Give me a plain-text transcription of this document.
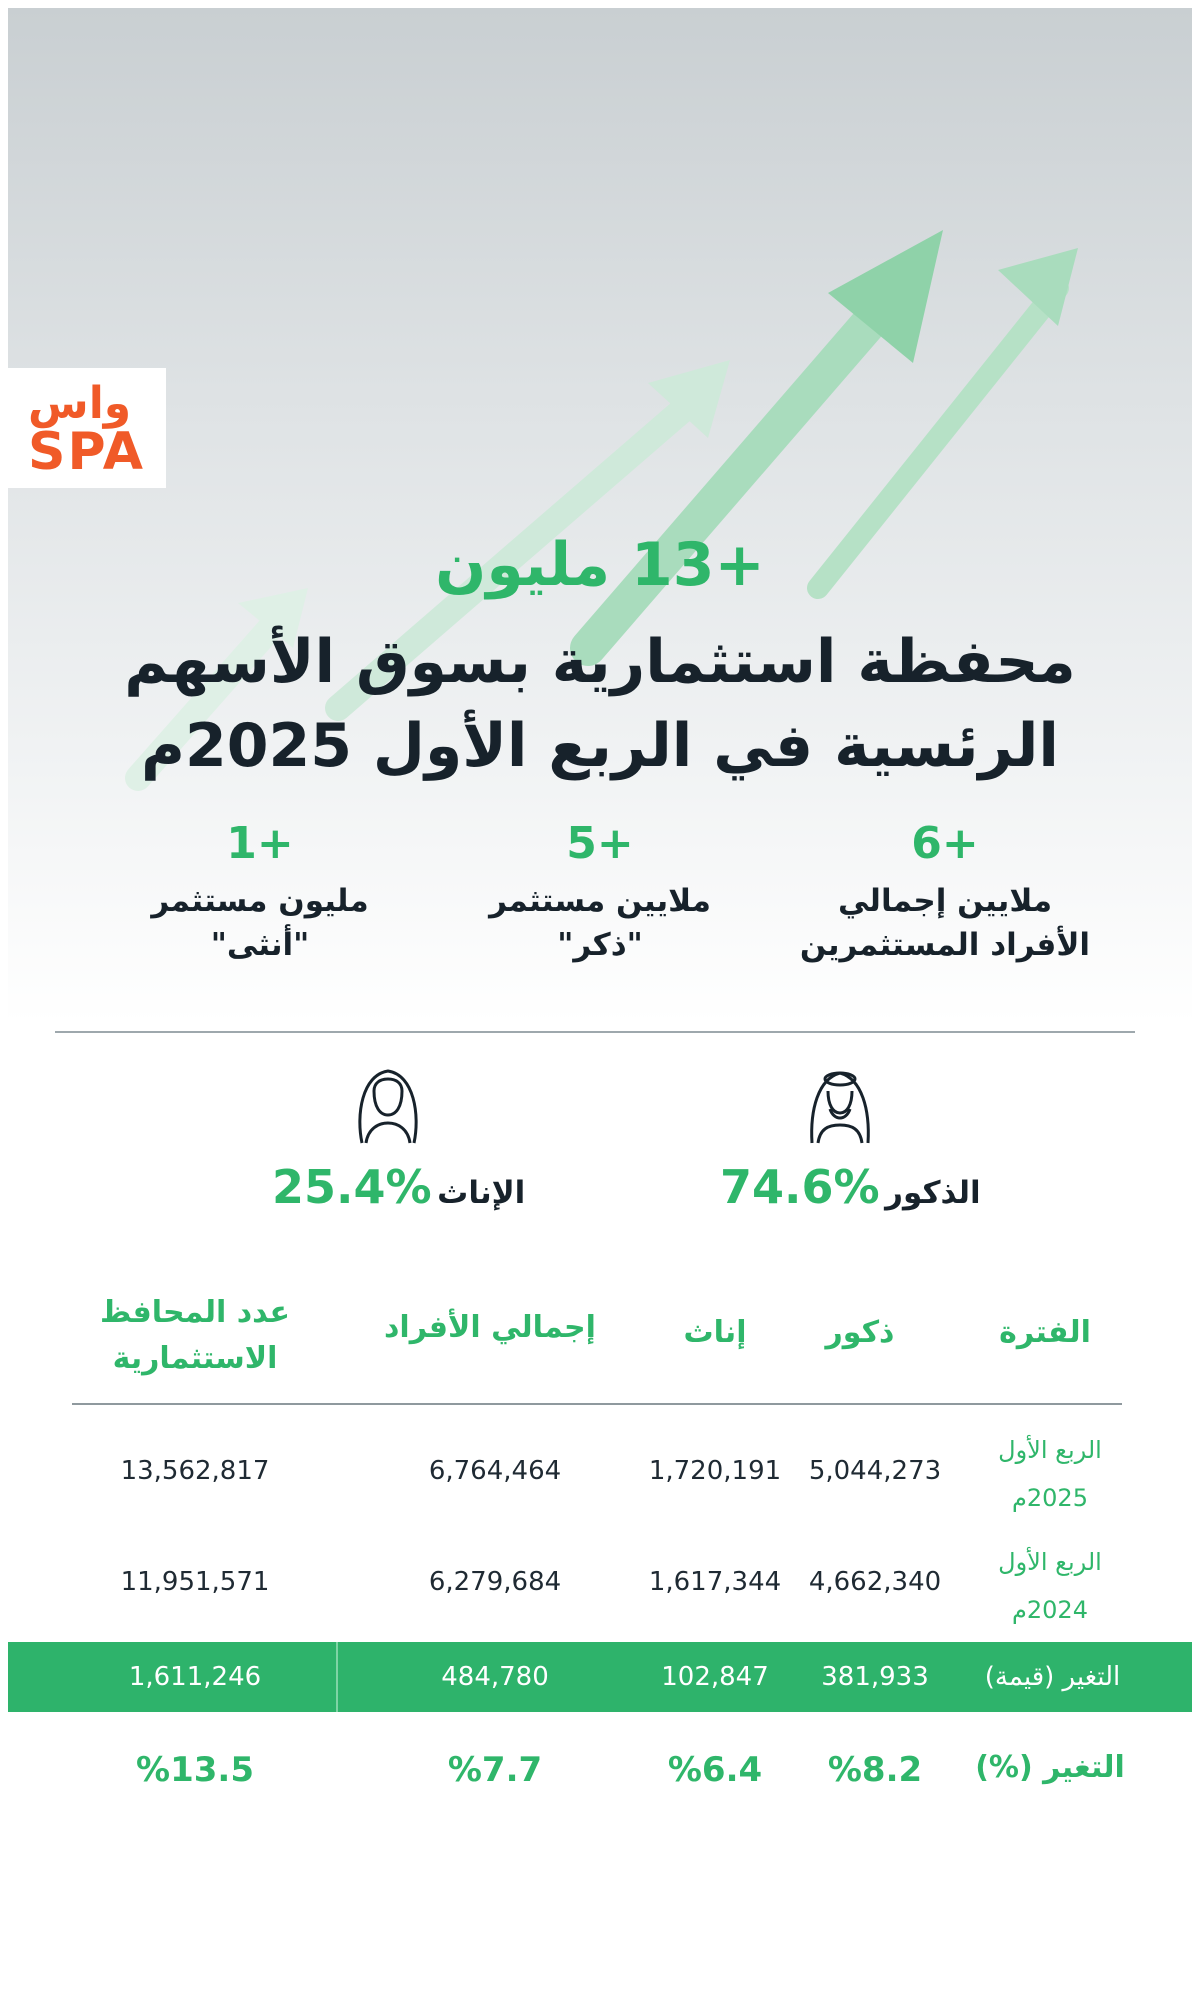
واس
SPA
+13 مليون
محفظة استثمارية بسوق الأسهم
الرئسية في الربع الأول 2025م
+6
ملايين إجمالي
الأفراد المستثمرين
+5
ملايين مستثمر
"ذكر"
+1
مليون مستثمر
"أنثى"
الذكور %74.6
الإناث %25.4
الفترة
ذكور
إناث
إجمالي الأفراد
عدد المحافظ
الاستثمارية
الربع الأول
2025م
5,044,273
1,720,191
6,764,464
13,562,817
الربع الأول
2024م
4,662,340
1,617,344
6,279,684
11,951,571
التغير (قيمة)
381,933
102,847
484,780
1,611,246
التغير (%)
%8.2
%6.4
%7.7
%13.5
